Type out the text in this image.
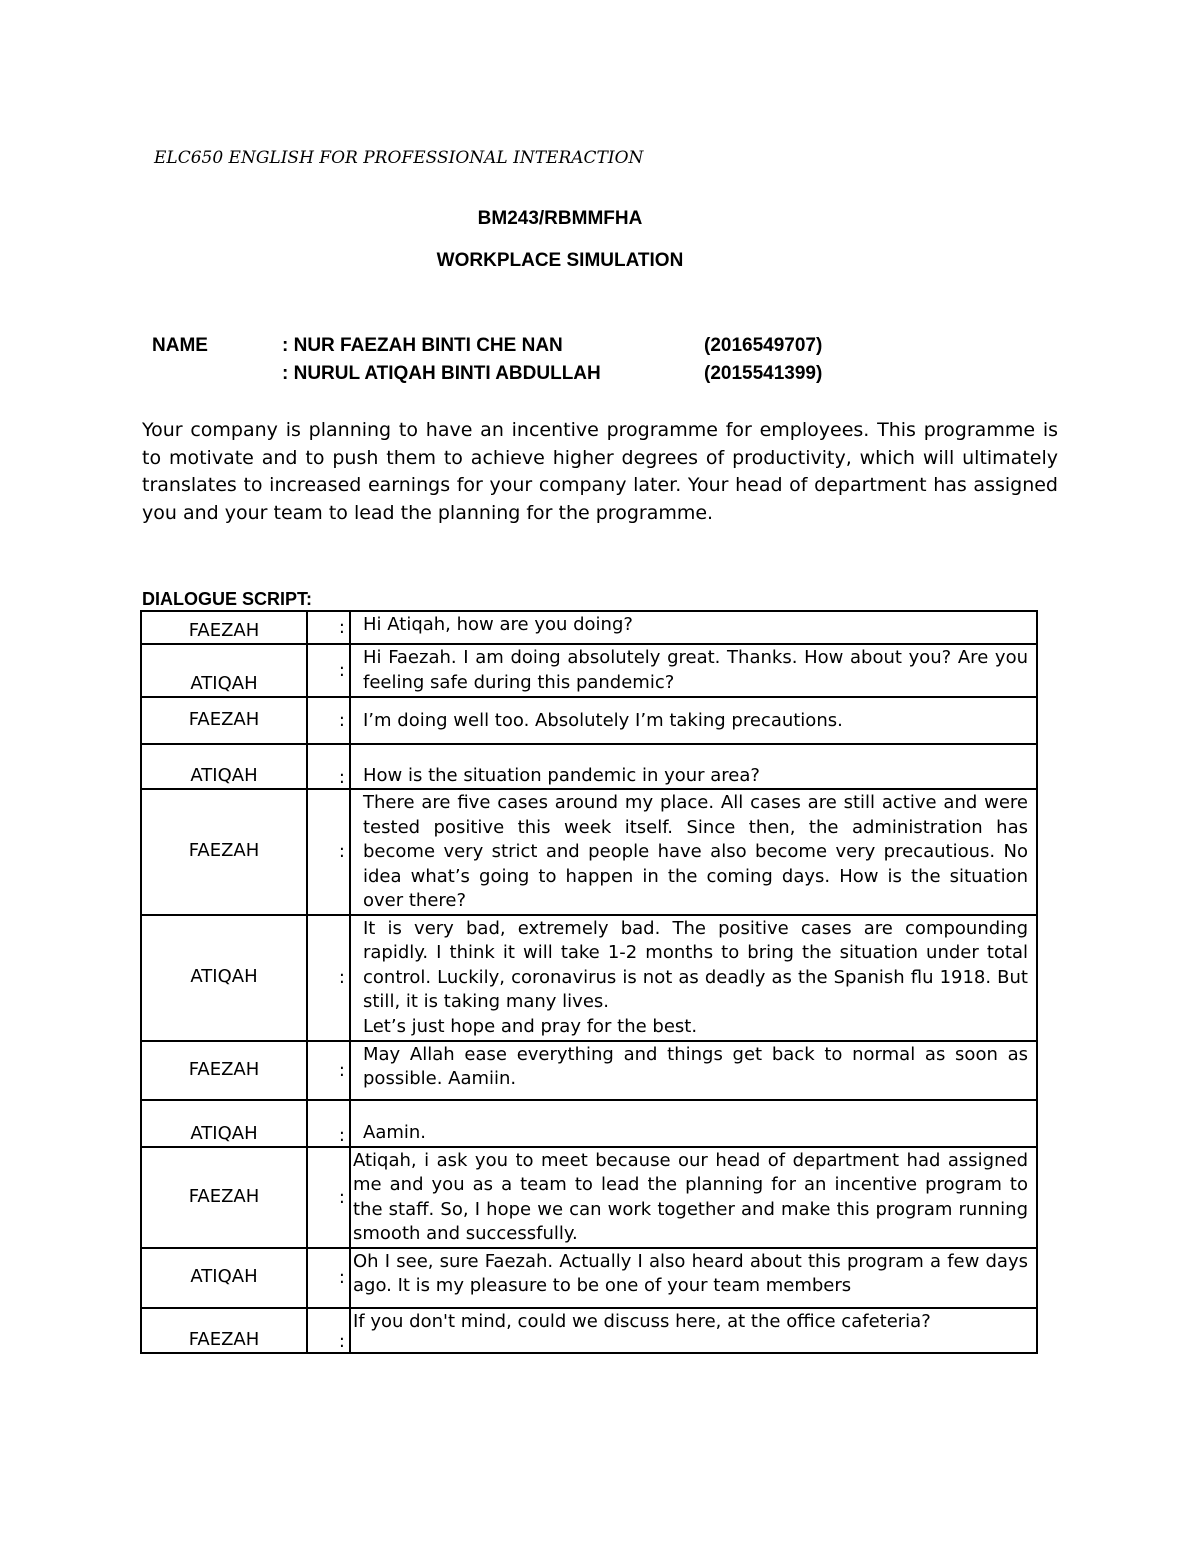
ELC650 ENGLISH FOR PROFESSIONAL INTERACTION
BM243/RBMMFHA
WORKPLACE SIMULATION
NAME	: NUR FAEZAH BINTI CHE NAN	(2016549707)
: NURUL ATIQAH BINTI ABDULLAH	(2015541399)

Your company is planning to have an incentive programme for employees. This programme is to motivate and to push them to achieve higher degrees of productivity, which will ultimately translates to increased earnings for your company later. Your head of department has assigned you and your team to lead the planning for the programme.

DIALOGUE SCRIPT:
FAEZAH	:	Hi Atiqah, how are you doing?
ATIQAH	:	Hi Faezah. I am doing absolutely great. Thanks. How about you? Are you feeling safe during this pandemic?
FAEZAH	:	I’m doing well too. Absolutely I’m taking precautions.
ATIQAH	:	How is the situation pandemic in your area?
FAEZAH	:	There are five cases around my place. All cases are still active and were tested positive this week itself. Since then, the administration has become very strict and people have also become very precautious. No idea what’s going to happen in the coming days. How is the situation over there?
ATIQAH	:	It is very bad, extremely bad. The positive cases are compounding rapidly. I think it will take 1-2 months to bring the situation under total control. Luckily, coronavirus is not as deadly as the Spanish flu 1918. But still, it is taking many lives.
Let’s just hope and pray for the best.

FAEZAH	:	May Allah ease everything and things get back to normal as soon as possible. Aamiin.
ATIQAH	:	Aamin.
FAEZAH	:	Atiqah, i ask you to meet because our head of department had assigned me and you as a team to lead the planning for an incentive program to the staff. So, I hope we can work together and make this program running smooth and successfully.
ATIQAH	:	Oh I see, sure Faezah. Actually I also heard about this program a few days ago. It is my pleasure to be one of your team members
FAEZAH	:	If you don't mind, could we discuss here, at the office cafeteria?
